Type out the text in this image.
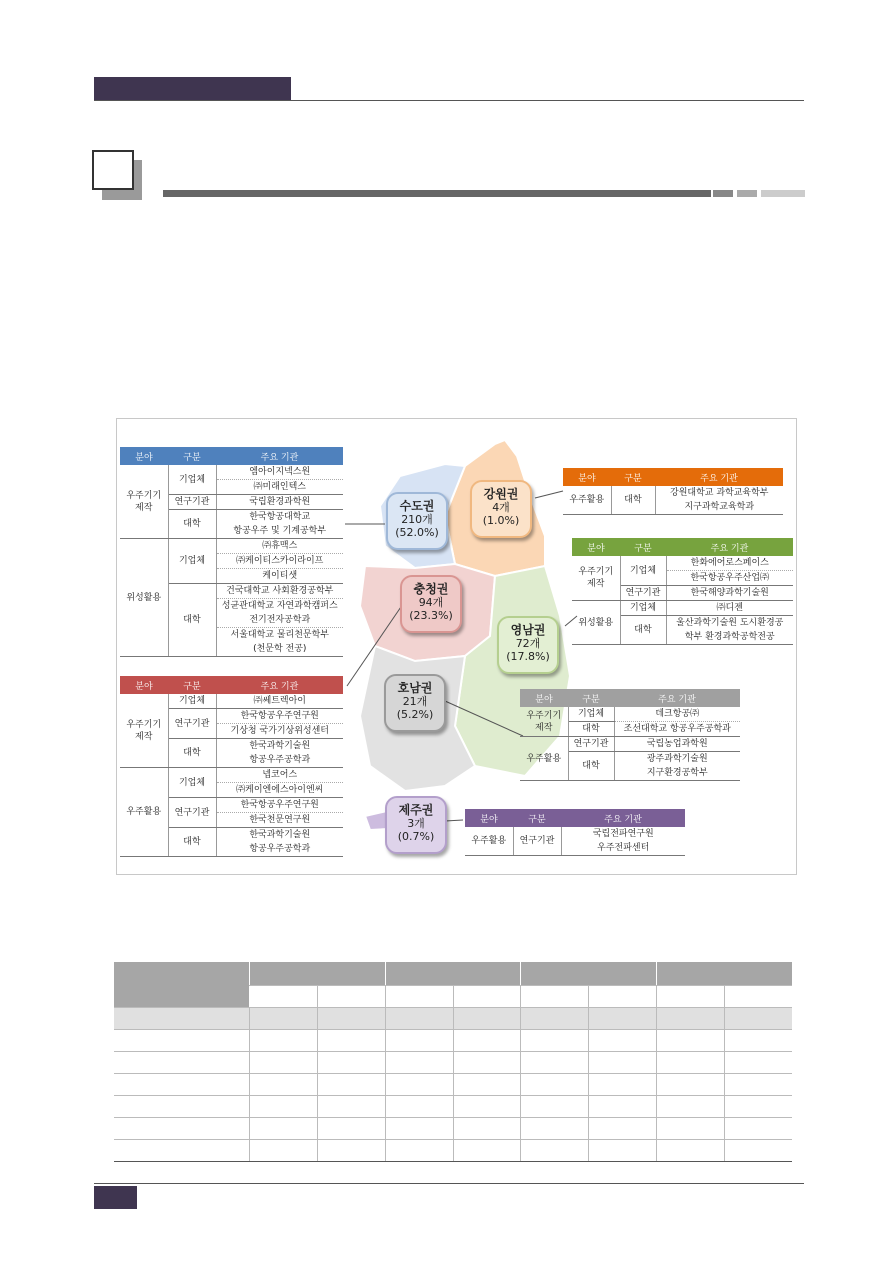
수도권
210개
(52.0%)
강원권
4개
(1.0%)
충청권
94개
(23.3%)
영남권
72개
(17.8%)
호남권
21개
(5.2%)
제주권
3개
(0.7%)
분야	구분	주요 기관
우주기기 제작	기업체	엠아이지넥스원
		㈜미래인텍스
	연구기관	국립환경과학원
	대학	한국항공대학교
		항공우주 및 기계공학부
위성활용	기업체	㈜휴맥스
		㈜케이티스카이라이프
		케이티샛
	대학	건국대학교 사회환경공학부
		성균관대학교 자연과학캠퍼스
		전기전자공학과
		서울대학교 물리천문학부
		(천문학 전공)
분야	구분	주요 기관
우주활용	대학	강원대학교 과학교육학부
		지구과학교육학과
분야	구분	주요 기관
우주기기 제작	기업체	한화에어로스페이스
		한국항공우주산업㈜
	연구기관	한국해양과학기술원
위성활용	기업체	㈜디젠
	대학	울산과학기술원 도시환경공
		학부 환경과학공학전공
분야	구분	주요 기관
우주기기 제작	기업체	㈜쎄트렉아이
	연구기관	한국항공우주연구원
		기상청 국가기상위성센터
	대학	한국과학기술원
		항공우주공학과
우주활용	기업체	넵코어스
		㈜케이엔에스아이엔씨
	연구기관	한국항공우주연구원
		한국천문연구원
	대학	한국과학기술원
		항공우주공학과
분야	구분	주요 기관
우주기기 제작	기업체	데크항공㈜
	대학	조선대학교 항공우주공학과
우주활용	연구기관	국립농업과학원
	대학	광주과학기술원
		지구환경공학부
분야	구분	주요 기관
우주활용	연구기관	국립전파연구원
		우주전파센터
